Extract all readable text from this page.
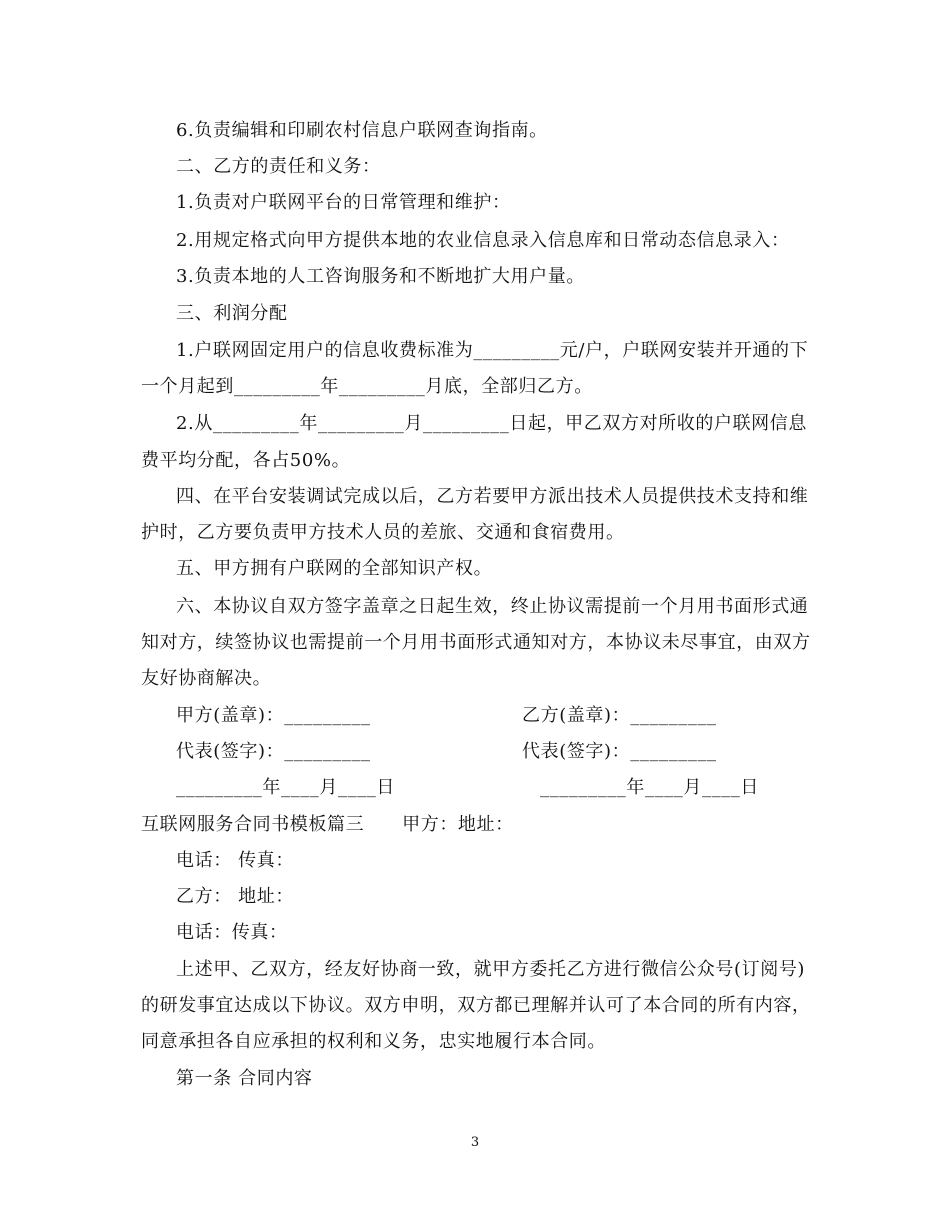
6.负责编辑和印刷农村信息户联网查询指南。
二、乙方的责任和义务：
1.负责对户联网平台的日常管理和维护：
2.用规定格式向甲方提供本地的农业信息录入信息库和日常动态信息录入：
3.负责本地的人工咨询服务和不断地扩大用户量。
三、利润分配
1.户联网固定用户的信息收费标准为_________元/户，户联网安装并开通的下
一个月起到_________年_________月底，全部归乙方。
2.从_________年_________月_________日起，甲乙双方对所收的户联网信息
费平均分配，各占50%。
四、在平台安装调试完成以后，乙方若要甲方派出技术人员提供技术支持和维
护时，乙方要负责甲方技术人员的差旅、交通和食宿费用。
五、甲方拥有户联网的全部知识产权。
六、本协议自双方签字盖章之日起生效，终止协议需提前一个月用书面形式通
知对方，续签协议也需提前一个月用书面形式通知对方，本协议未尽事宜，由双方
友好协商解决。
甲方(盖章)：_________	乙方(盖章)：_________
代表(签字)：_________	代表(签字)：_________
_________年____月____日	_________年____月____日
互联网服务合同书模板篇三      甲方：地址：
电话： 传真：
乙方： 地址：
电话：传真：
上述甲、乙双方，经友好协商一致，就甲方委托乙方进行微信公众号(订阅号)
的研发事宜达成以下协议。双方申明，双方都已理解并认可了本合同的所有内容，
同意承担各自应承担的权利和义务，忠实地履行本合同。
第一条 合同内容
3
